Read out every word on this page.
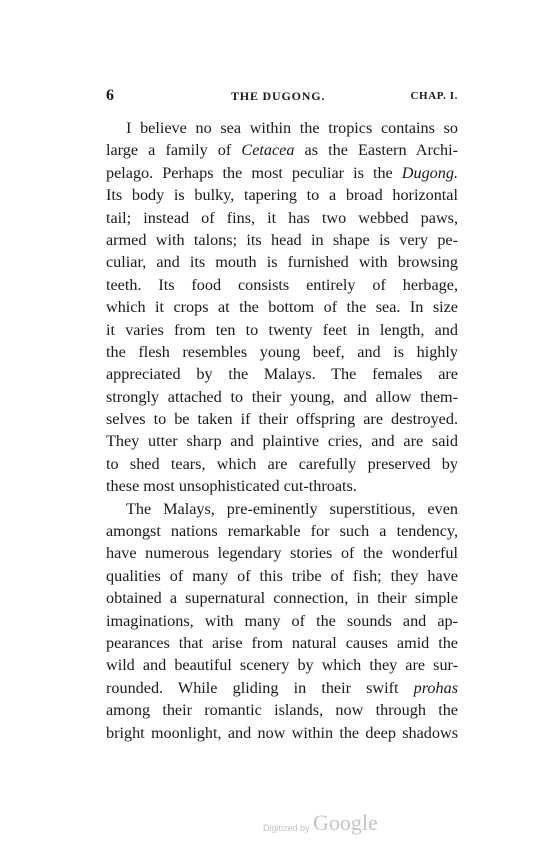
6	THE DUGONG.	CHAP. I.
I believe no sea within the tropics contains so
large a family of Cetacea as the Eastern Archi-
pelago. Perhaps the most peculiar is the Dugong.
Its body is bulky, tapering to a broad horizontal
tail; instead of fins, it has two webbed paws,
armed with talons; its head in shape is very pe-
culiar, and its mouth is furnished with browsing
teeth. Its food consists entirely of herbage,
which it crops at the bottom of the sea. In size
it varies from ten to twenty feet in length, and
the flesh resembles young beef, and is highly
appreciated by the Malays. The females are
strongly attached to their young, and allow them-
selves to be taken if their offspring are destroyed.
They utter sharp and plaintive cries, and are said
to shed tears, which are carefully preserved by
these most unsophisticated cut-throats.
The Malays, pre-eminently superstitious, even
amongst nations remarkable for such a tendency,
have numerous legendary stories of the wonderful
qualities of many of this tribe of fish; they have
obtained a supernatural connection, in their simple
imaginations, with many of the sounds and ap-
pearances that arise from natural causes amid the
wild and beautiful scenery by which they are sur-
rounded. While gliding in their swift prohas
among their romantic islands, now through the
bright moonlight, and now within the deep shadows
Digitized by Google
